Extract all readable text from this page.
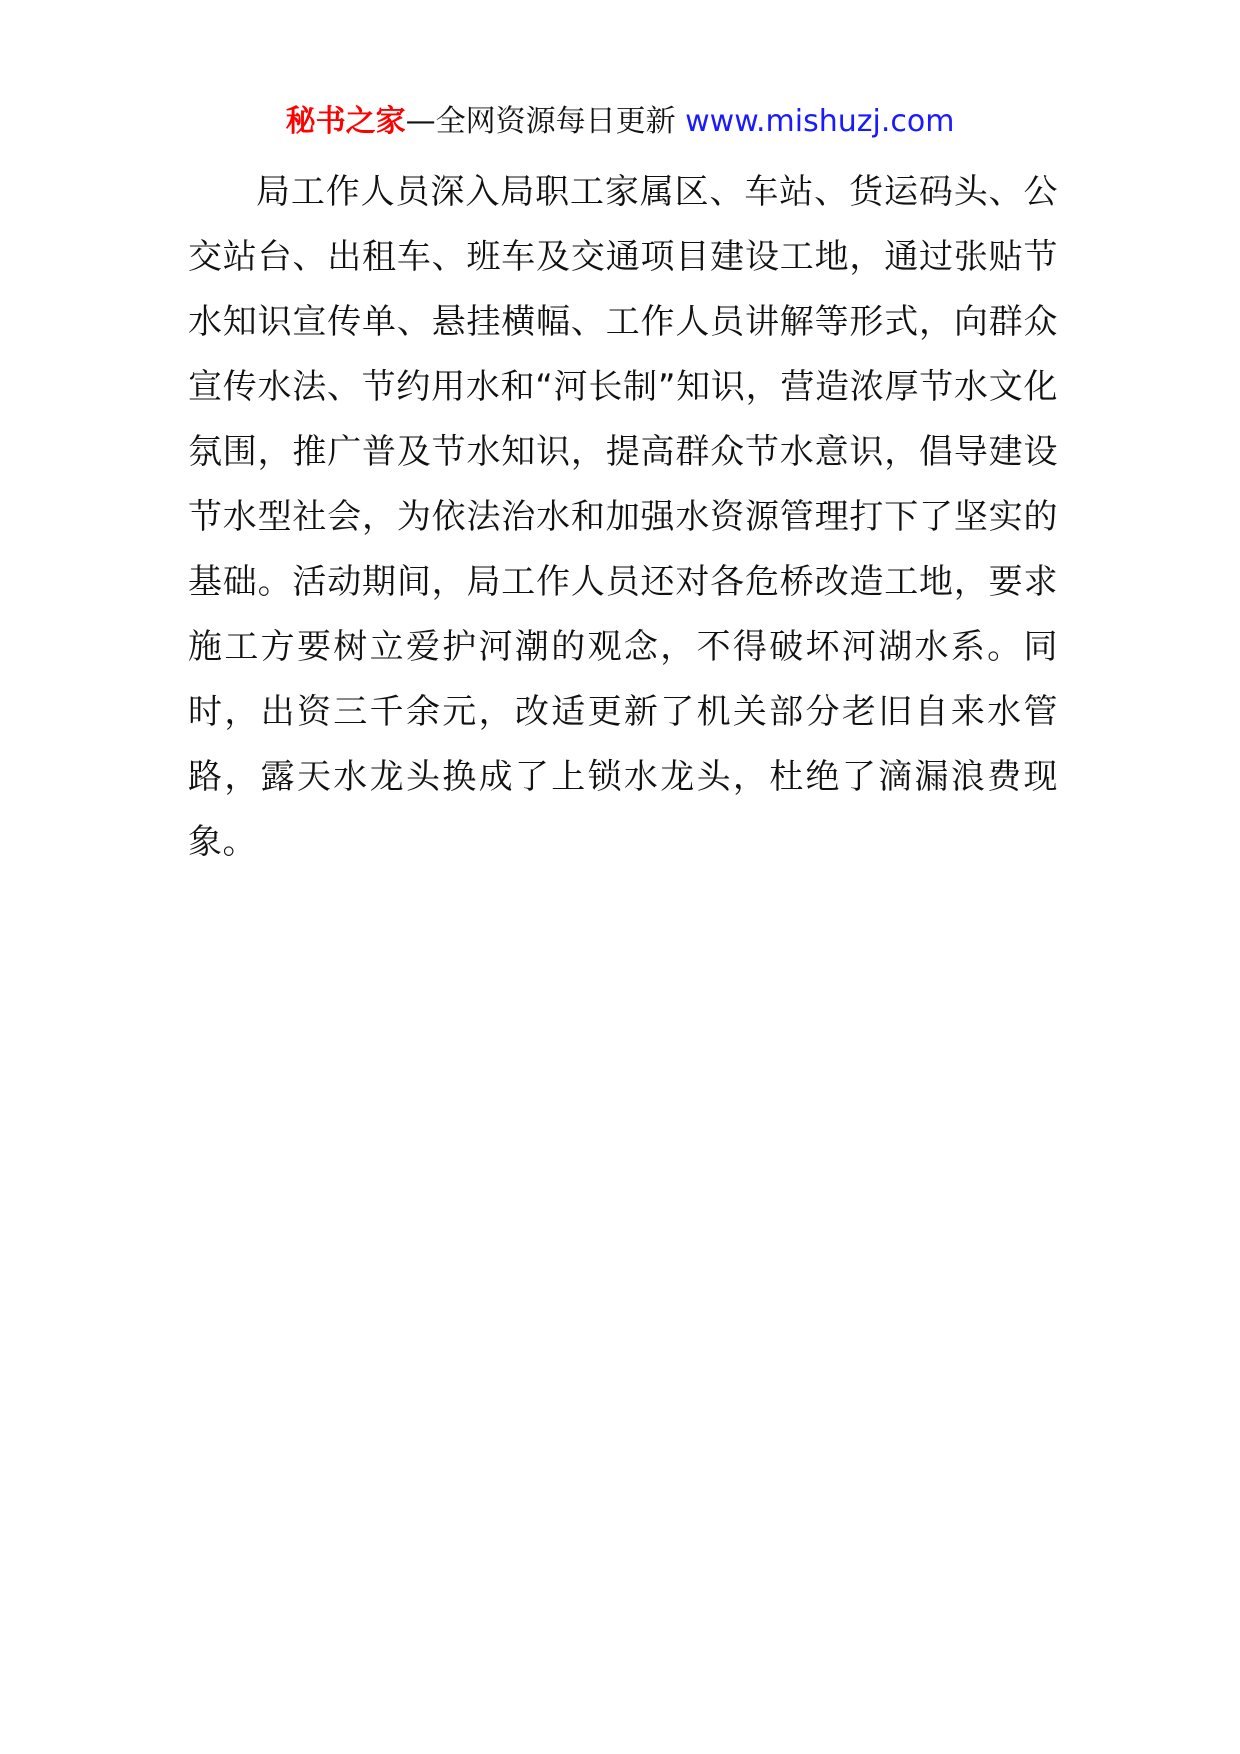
秘书之家—全网资源每日更新 www.mishuzj.com

局工作人员深入局职工家属区、车站、货运码头、公交站台、出租车、班车及交通项目建设工地，通过张贴节水知识宣传单、悬挂横幅、工作人员讲解等形式，向群众宣传水法、节约用水和“河长制”知识，营造浓厚节水文化氛围，推广普及节水知识，提高群众节水意识，倡导建设节水型社会，为依法治水和加强水资源管理打下了坚实的基础。活动期间，局工作人员还对各危桥改造工地，要求施工方要树立爱护河潮的观念，不得破坏河湖水系。同时，出资三千余元，改适更新了机关部分老旧自来水管路，露天水龙头换成了上锁水龙头，杜绝了滴漏浪费现象。
